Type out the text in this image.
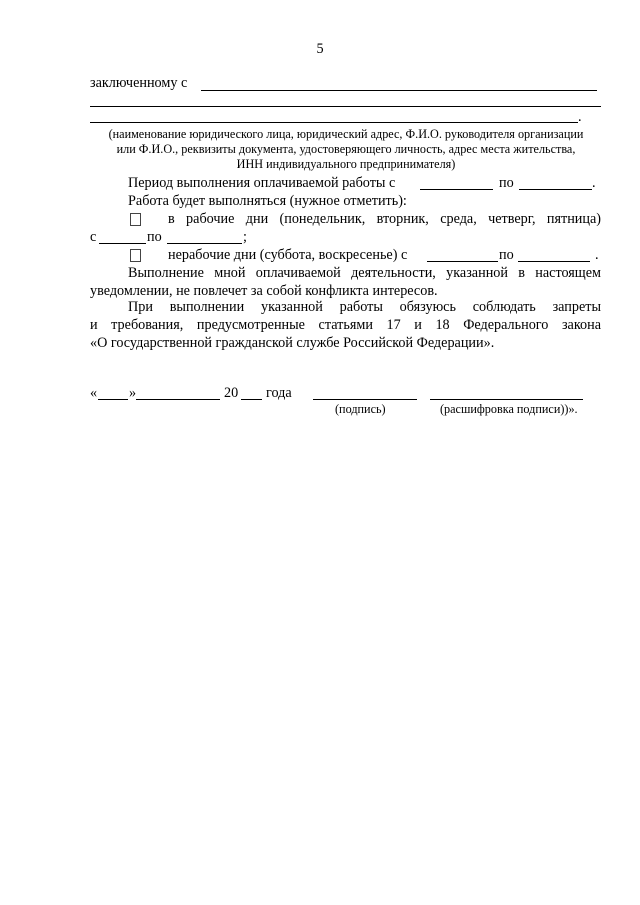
5
заключенному с
.
(наименование юридического лица, юридический адрес, Ф.И.О. руководителя организации
или Ф.И.О., реквизиты документа, удостоверяющего личность, адрес места жительства,
ИНН индивидуального предпринимателя)
Период выполнения оплачиваемой работы с	по	.
Работа будет выполняться (нужное отметить):
в рабочие дни (понедельник, вторник, среда, четверг, пятница)
с	по	;
нерабочие дни (суббота, воскресенье) с	по	.
Выполнение мной оплачиваемой деятельности, указанной в настоящем
уведомлении, не повлечет за собой конфликта интересов.
При выполнении указанной работы обязуюсь соблюдать запреты
и требования, предусмотренные статьями 17 и 18 Федерального закона
«О государственной гражданской службе Российской Федерации».
« »	20 года
(подпись)	(расшифровка подписи))».
